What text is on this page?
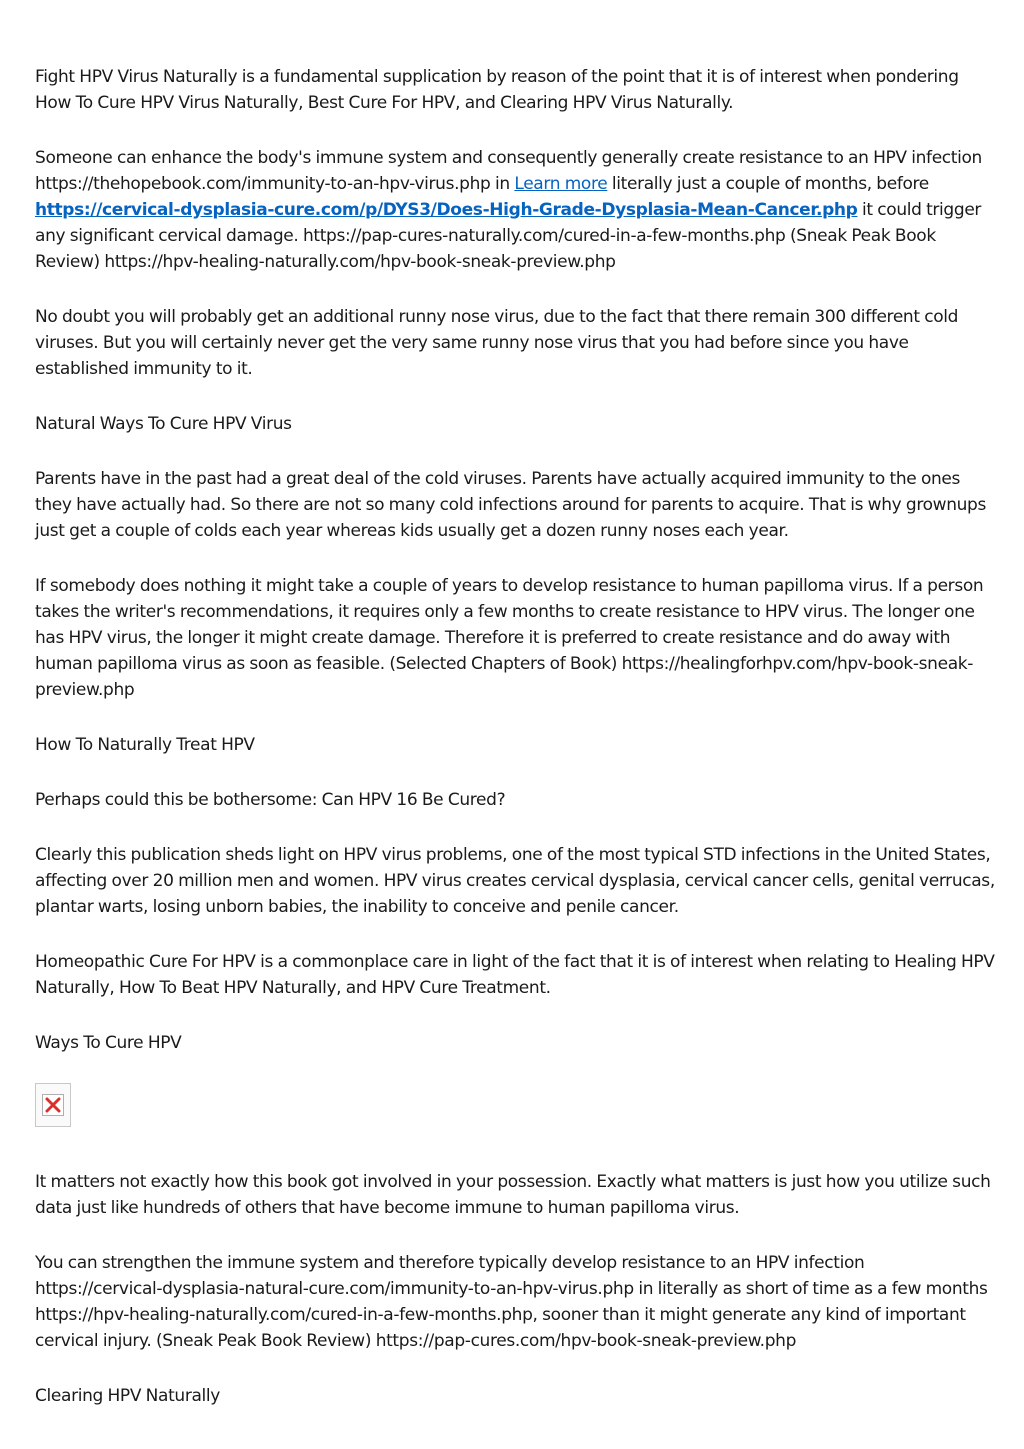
Fight HPV Virus Naturally is a fundamental supplication by reason of the point that it is of interest when pondering How To Cure HPV Virus Naturally, Best Cure For HPV, and Clearing HPV Virus Naturally.

Someone can enhance the body's immune system and consequently generally create resistance to an HPV infection https://thehopebook.com/immunity-to-an-hpv-virus.php in Learn more literally just a couple of months, before https://cervical-dysplasia-cure.com/p/DYS3/Does-High-Grade-Dysplasia-Mean-Cancer.php it could trigger any significant cervical damage. https://pap-cures-naturally.com/cured-in-a-few-months.php (Sneak Peak Book Review) https://hpv-healing-naturally.com/hpv-book-sneak-preview.php

No doubt you will probably get an additional runny nose virus, due to the fact that there remain 300 different cold viruses. But you will certainly never get the very same runny nose virus that you had before since you have established immunity to it.

Natural Ways To Cure HPV Virus

Parents have in the past had a great deal of the cold viruses. Parents have actually acquired immunity to the ones they have actually had. So there are not so many cold infections around for parents to acquire. That is why grownups just get a couple of colds each year whereas kids usually get a dozen runny noses each year.

If somebody does nothing it might take a couple of years to develop resistance to human papilloma virus. If a person takes the writer's recommendations, it requires only a few months to create resistance to HPV virus. The longer one has HPV virus, the longer it might create damage. Therefore it is preferred to create resistance and do away with human papilloma virus as soon as feasible. (Selected Chapters of Book) https://healingforhpv.com/hpv-book-sneak-preview.php

How To Naturally Treat HPV

Perhaps could this be bothersome: Can HPV 16 Be Cured?

Clearly this publication sheds light on HPV virus problems, one of the most typical STD infections in the United States, affecting over 20 million men and women. HPV virus creates cervical dysplasia, cervical cancer cells, genital verrucas, plantar warts, losing unborn babies, the inability to conceive and penile cancer.

Homeopathic Cure For HPV is a commonplace care in light of the fact that it is of interest when relating to Healing HPV Naturally, How To Beat HPV Naturally, and HPV Cure Treatment.

Ways To Cure HPV

It matters not exactly how this book got involved in your possession. Exactly what matters is just how you utilize such data just like hundreds of others that have become immune to human papilloma virus.

You can strengthen the immune system and therefore typically develop resistance to an HPV infection https://cervical-dysplasia-natural-cure.com/immunity-to-an-hpv-virus.php in literally as short of time as a few months https://hpv-healing-naturally.com/cured-in-a-few-months.php, sooner than it might generate any kind of important cervical injury. (Sneak Peak Book Review) https://pap-cures.com/hpv-book-sneak-preview.php

Clearing HPV Naturally
